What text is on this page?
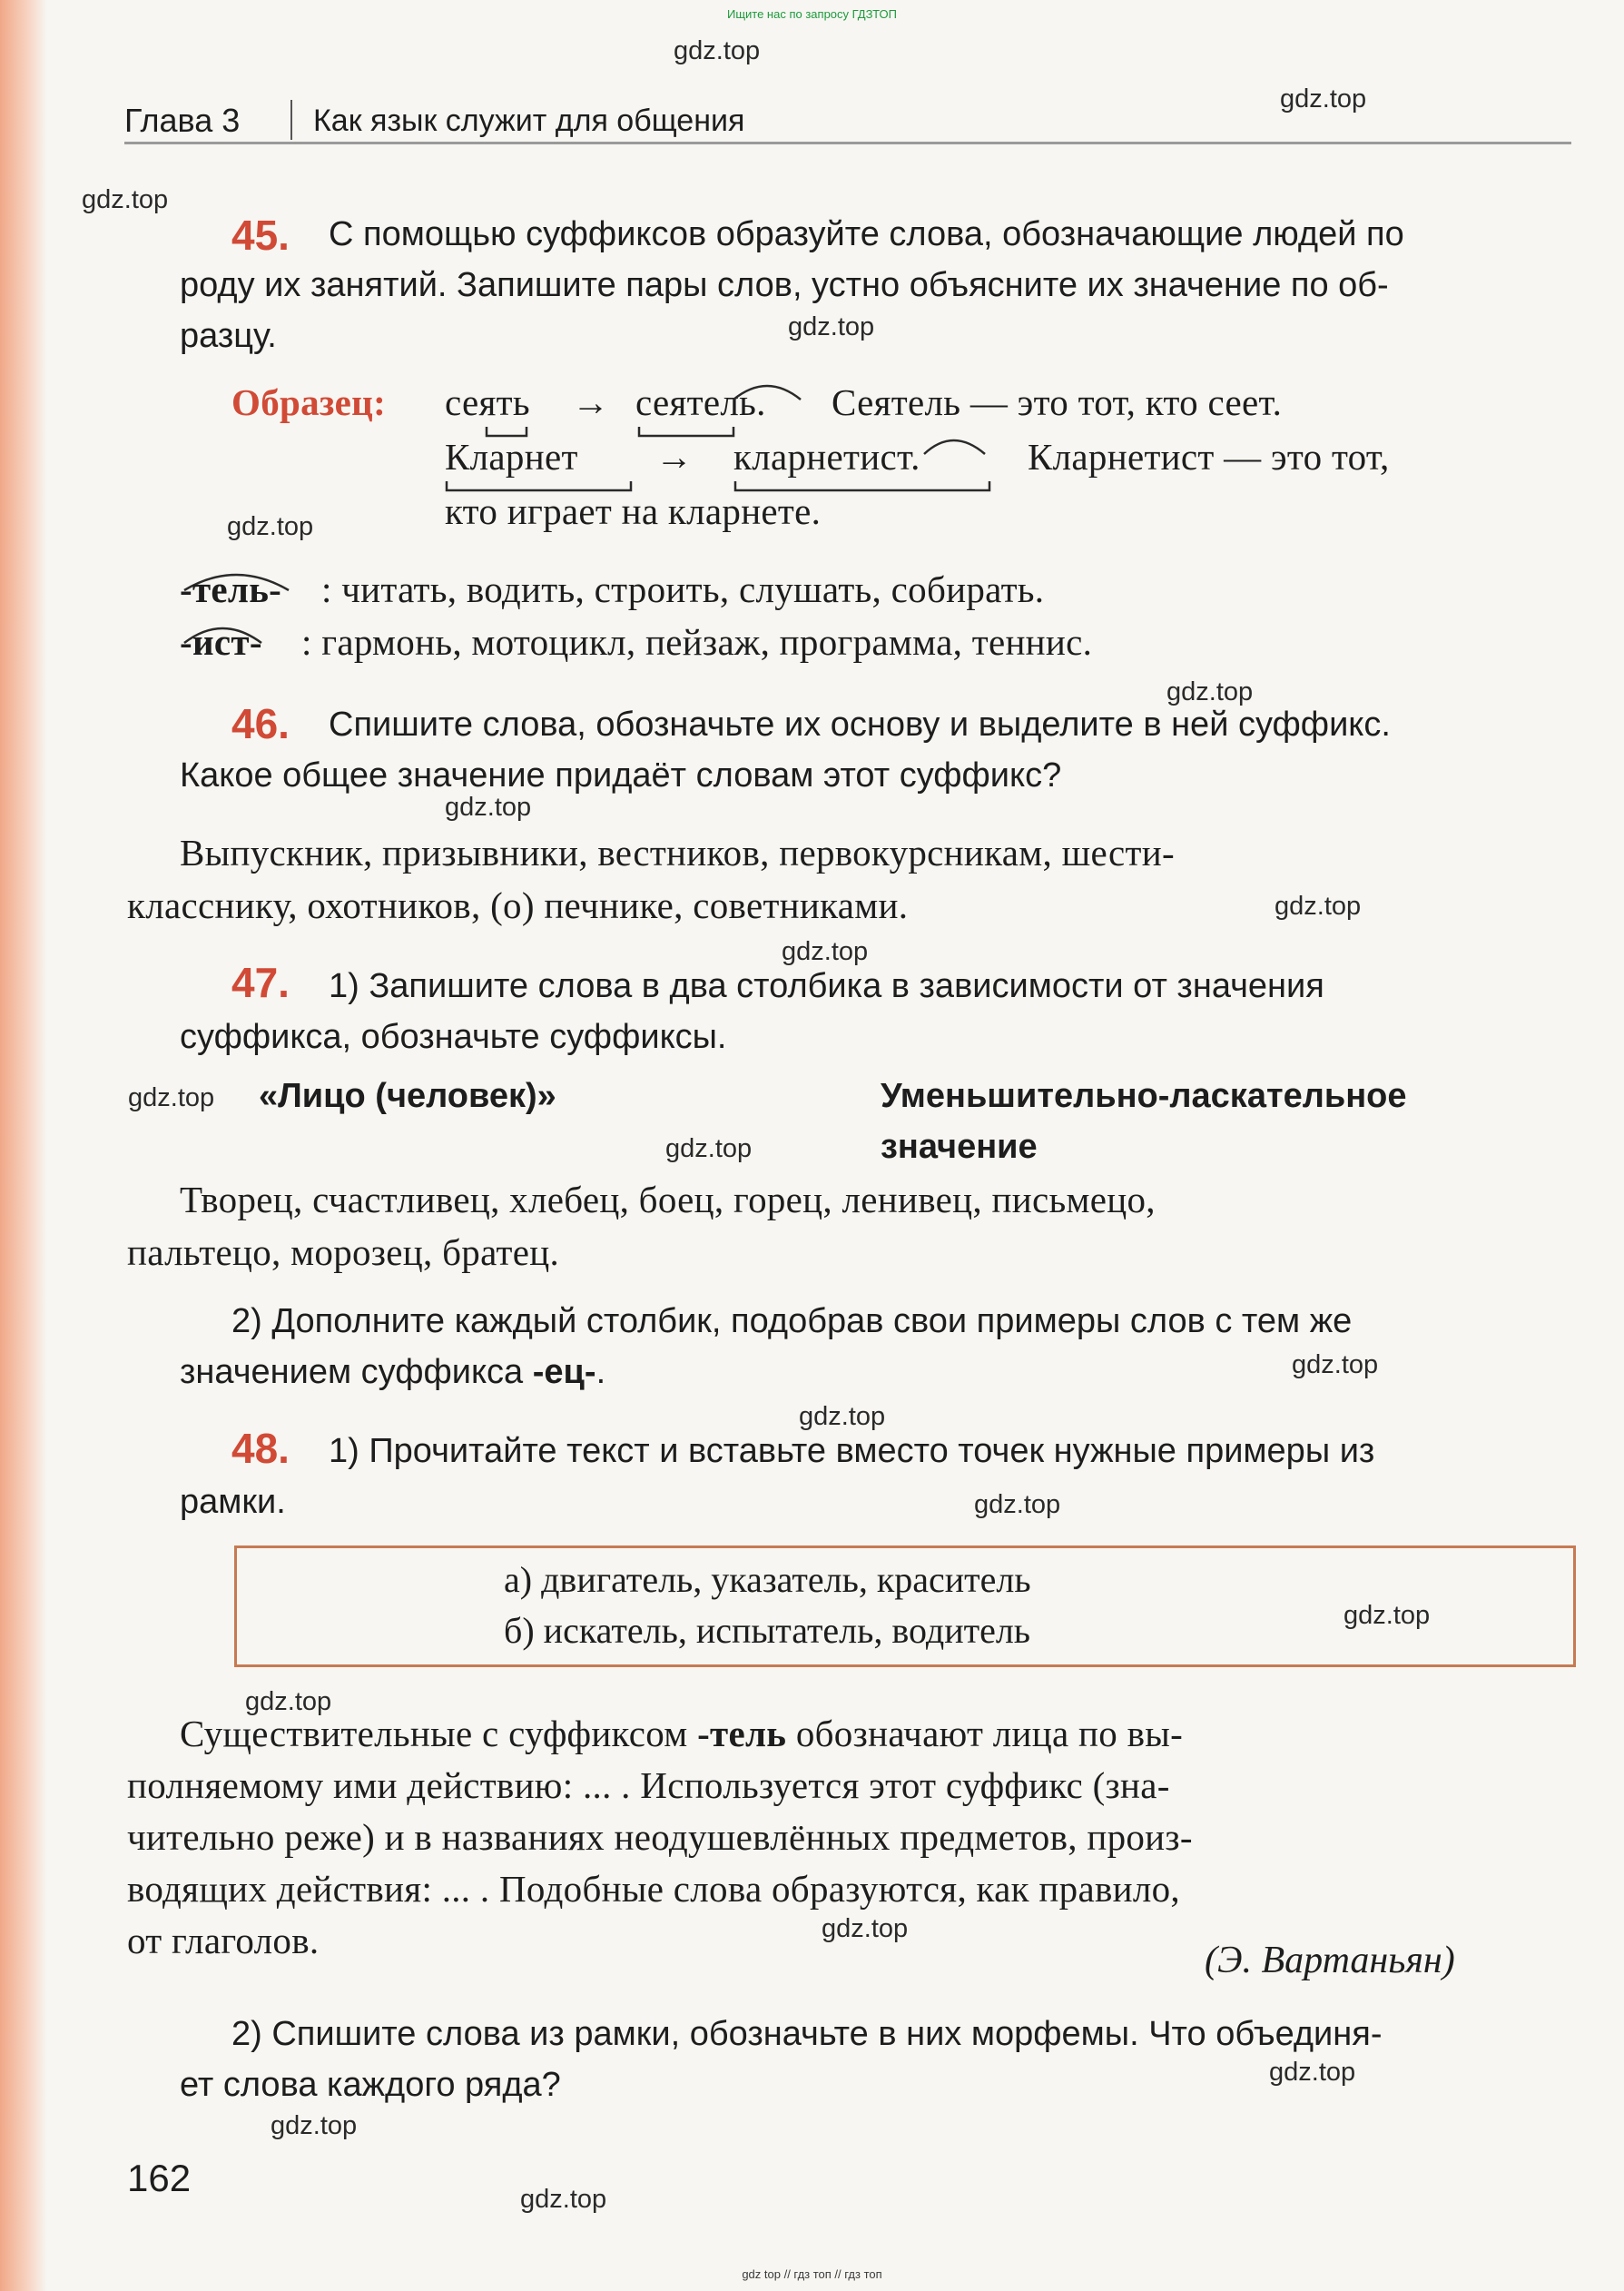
Ищите нас по запросу ГДЗТОП
gdz.top
gdz.top
gdz.top
gdz.top
gdz.top
gdz.top
gdz.top
gdz.top
gdz.top
gdz.top
gdz.top
gdz.top
gdz.top
gdz.top
gdz.top
gdz.top
gdz.top
gdz.top
gdz.top
gdz.top
Глава 3 Как язык служит для общения
45. С помощью суффиксов образуйте слова, обозначающие людей по
роду их занятий. Запишите пары слов, устно объясните их значение по об-
разцу.
Образец: сеять → сеятель. Сеятель — это тот, кто сеет.
Кларнет → кларнетист.	Кларнетист — это тот,
кто играет на кларнете.
-тель- : читать, водить, строить, слушать, собирать.
-ист- : гармонь, мотоцикл, пейзаж, программа, теннис.
46. Спишите слова, обозначьте их основу и выделите в ней суффикс.
Какое общее значение придаёт словам этот суффикс?
Выпускник, призывники, вестников, первокурсникам, шести-
класснику, охотников, (о) печнике, советниками.
47. 1) Запишите слова в два столбика в зависимости от значения
суффикса, обозначьте суффиксы.
«Лицо (человек)»	Уменьшительно-ласкательное
значение
Творец, счастливец, хлебец, боец, горец, ленивец, письмецо,
пальтецо, морозец, братец.
2) Дополните каждый столбик, подобрав свои примеры слов с тем же
значением суффикса -ец-.
48. 1) Прочитайте текст и вставьте вместо точек нужные примеры из
рамки.
а) двигатель, указатель, краситель
б) искатель, испытатель, водитель
Существительные с суффиксом -тель обозначают лица по вы-
полняемому ими действию: ... . Используется этот суффикс (зна-
чительно реже) и в названиях неодушевлённых предметов, произ-
водящих действия: ... . Подобные слова образуются, как правило,
от глаголов.	(Э. Вартаньян)
2) Спишите слова из рамки, обозначьте в них морфемы. Что объединя-
ет слова каждого ряда?
162
gdz top // гдз топ // гдз топ
